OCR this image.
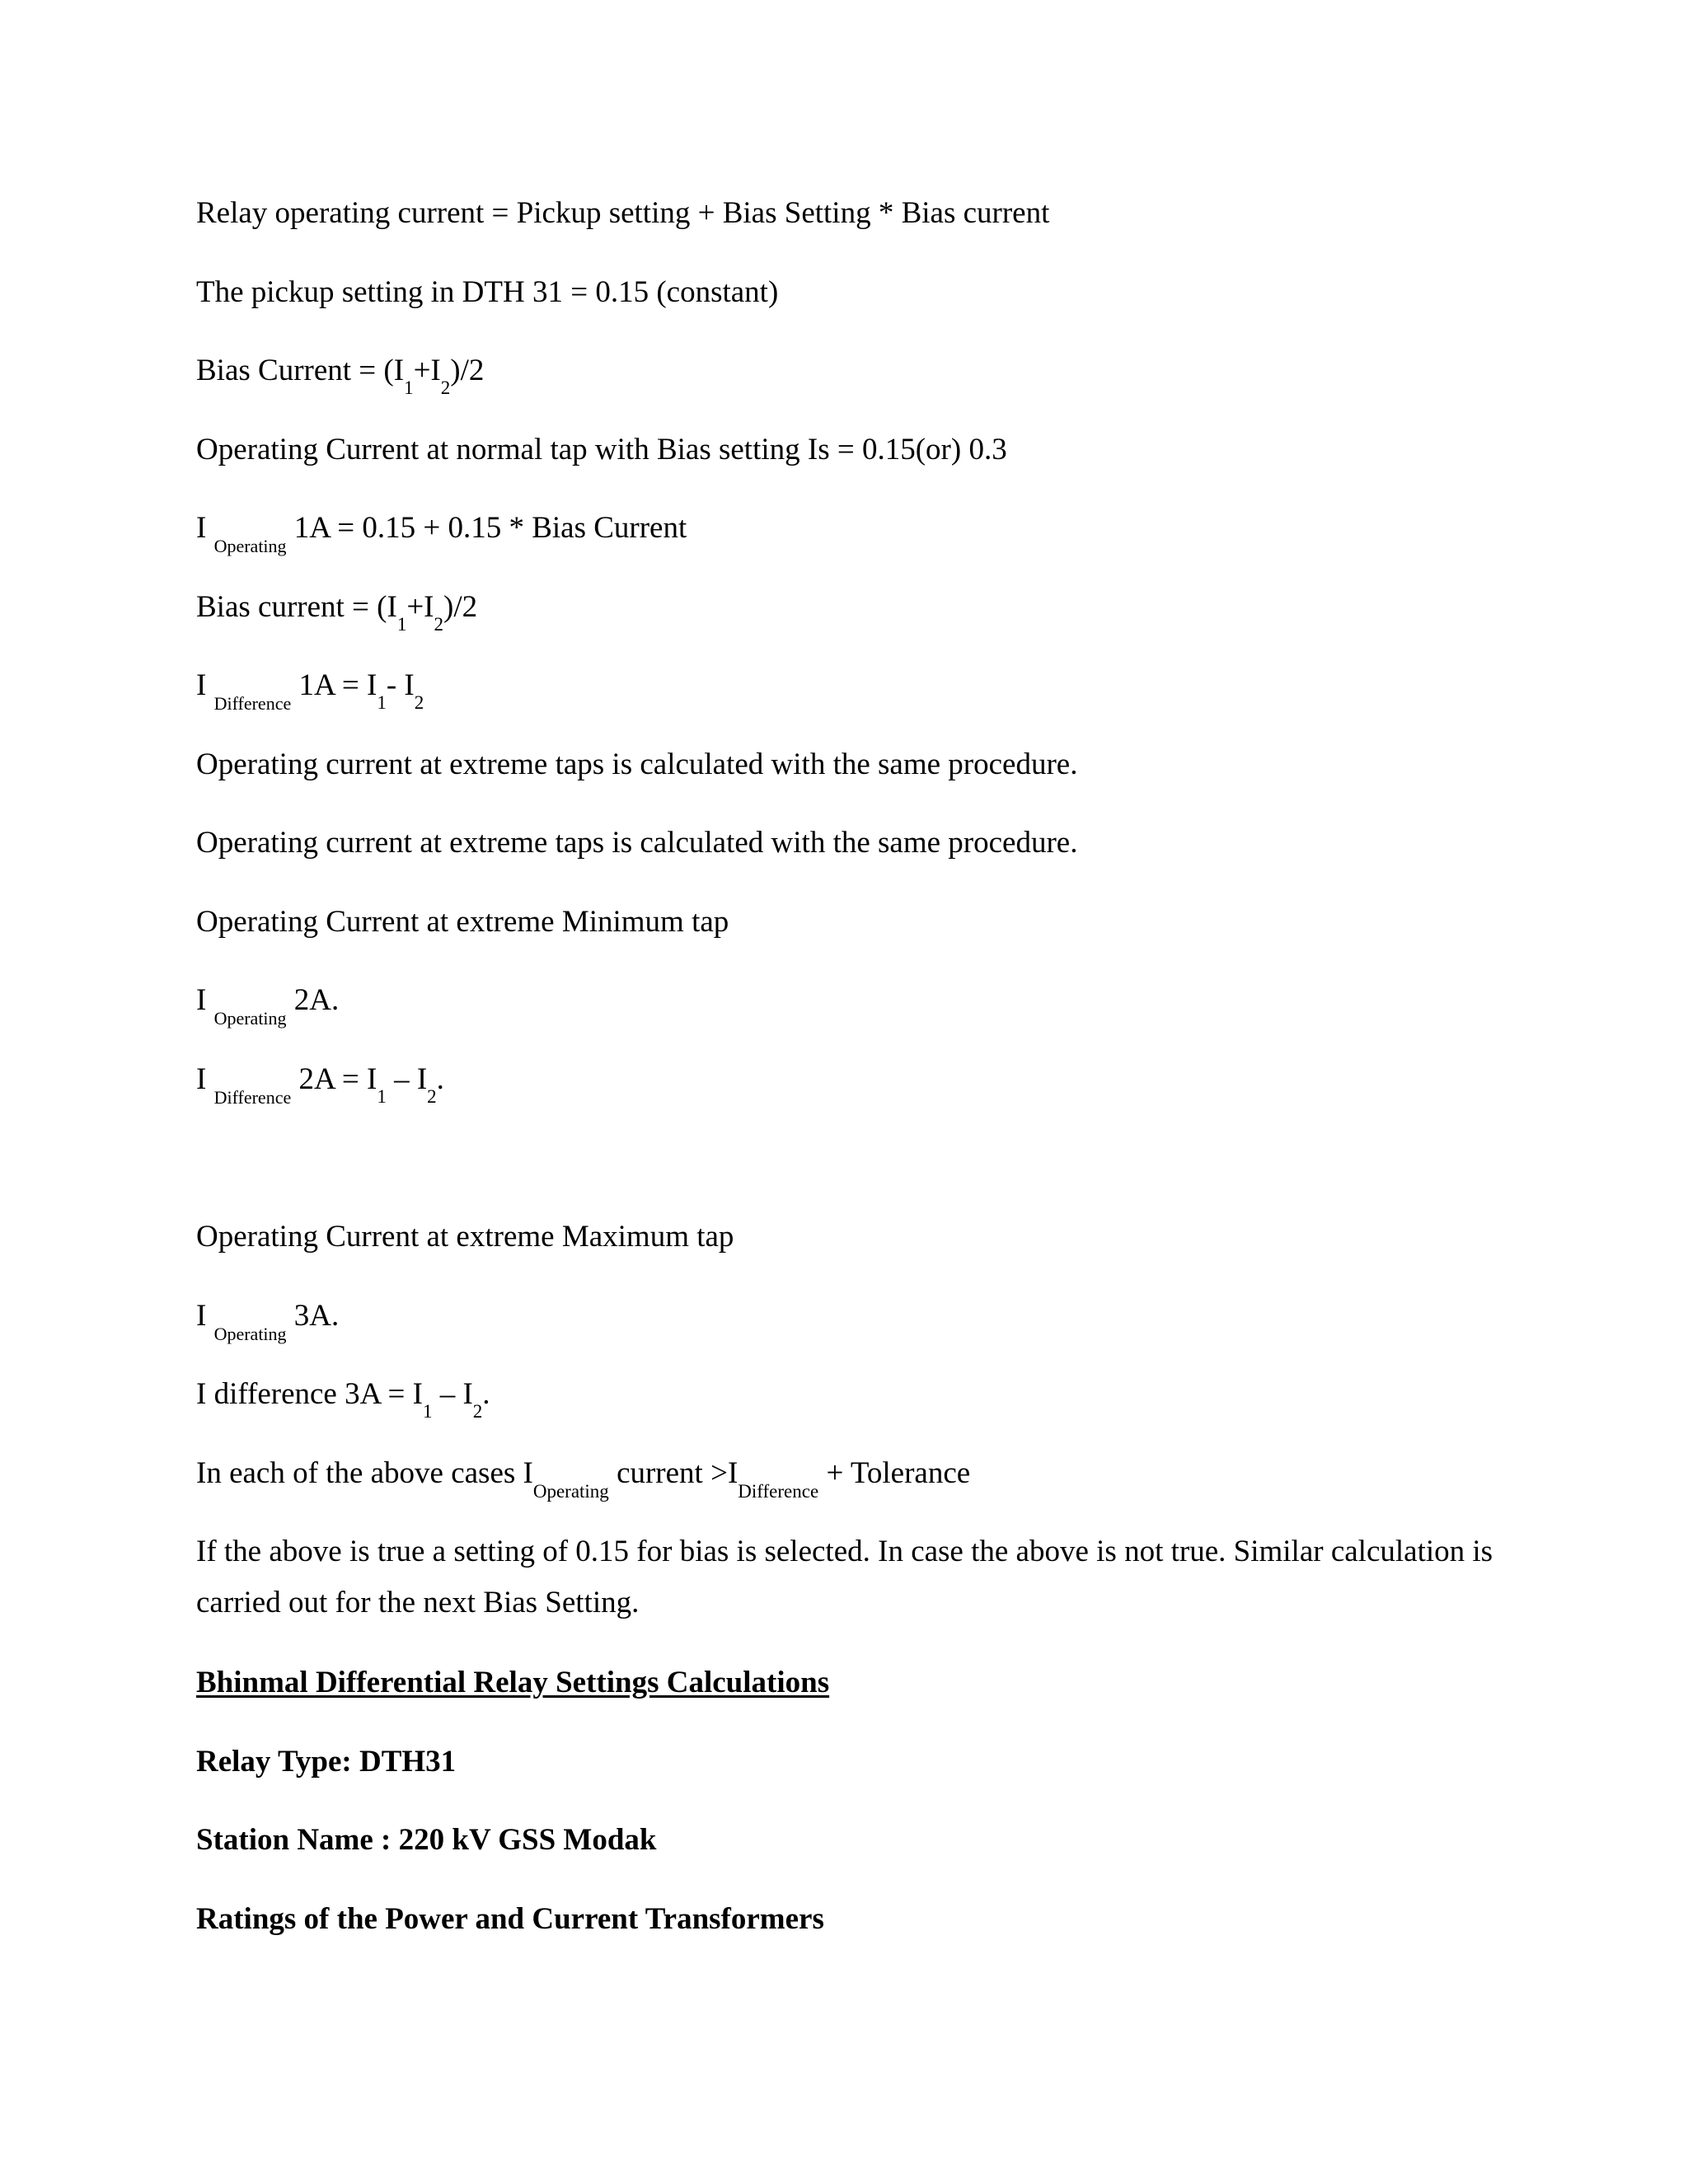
Relay operating current = Pickup setting + Bias Setting * Bias current
The pickup setting in DTH 31 = 0.15 (constant)
Bias Current = $(I_1+I_2)/2$
Operating Current at normal tap with Bias setting Is = 0.15(or) 0.3
I $_{Operating}$ 1A = 0.15 + 0.15 * Bias Current
Bias current = $(I_1+I_2)/2$
I $_{Difference}$ $1A = I_1-$ $I_2$
Operating current at extreme taps is calculated with the same procedure.
Operating current at extreme taps is calculated with the same procedure.
Operating Current at extreme Minimum tap
I $_{Operating}$ 2A.
I $_{Difference}$ $2A = I_1 - I_2$.
Operating Current at extreme Maximum tap
I $_{Operating}$ 3A.
I difference $3A = I_1 - I_2$.
In each of the above cases $I_{Operating}$ current $>I_{Difference}$ + Tolerance
If the above is true a setting of 0.15 for bias is selected. In case the above is not true. Similar calculation is carried out for the next Bias Setting.
Bhinmal Differential Relay Settings Calculations
Relay Type: DTH31
Station Name : 220 kV GSS Modak
Ratings of the Power and Current Transformers
